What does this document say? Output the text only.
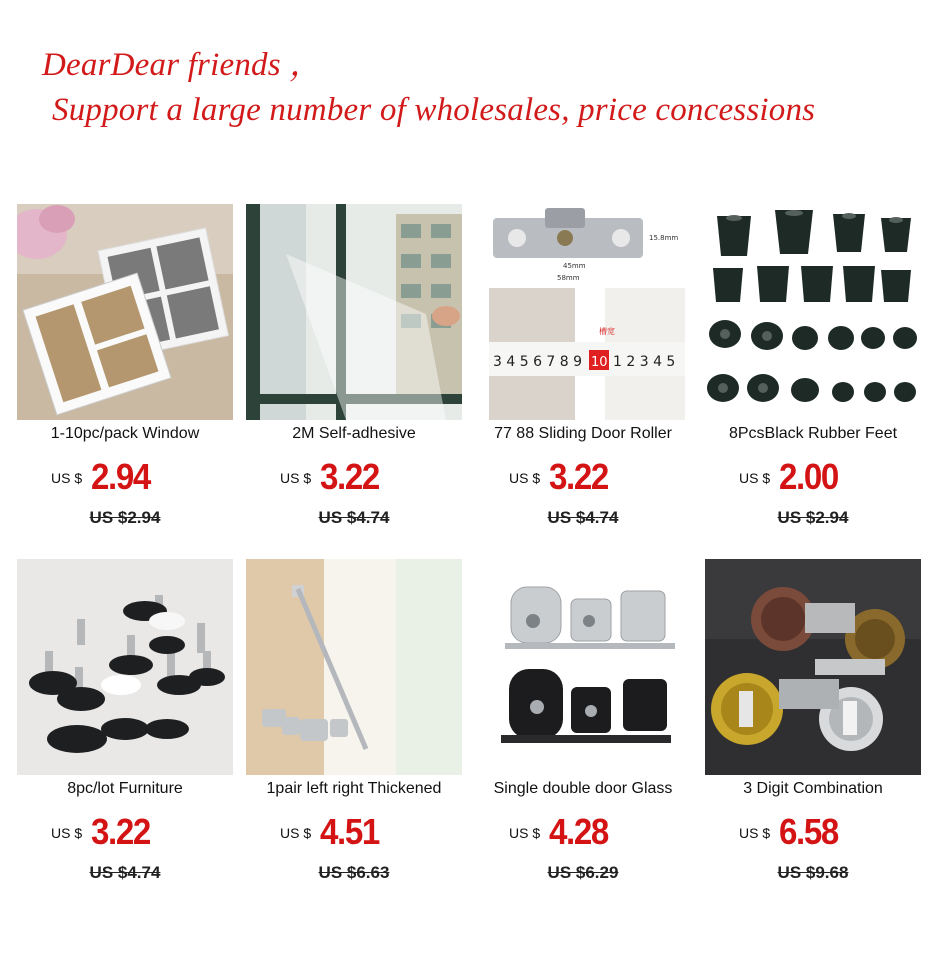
DearDear friends ，
Support a large number of wholesales, price concessions
1-10pc/pack Window
US $ 2.94
US $2.94
2M Self-adhesive
US $ 3.22
US $4.74
45mm
58mm
15.8mm
3 4 5 6 7 8 9 10 1 2 3 4 5
槽宽
77 88 Sliding Door Roller
US $ 3.22
US $4.74
8PcsBlack Rubber Feet
US $ 2.00
US $2.94
8pc/lot Furniture
US $ 3.22
US $4.74
1pair left right Thickened
US $ 4.51
US $6.63
Single double door Glass
US $ 4.28
US $6.29
3 Digit Combination
US $ 6.58
US $9.68
